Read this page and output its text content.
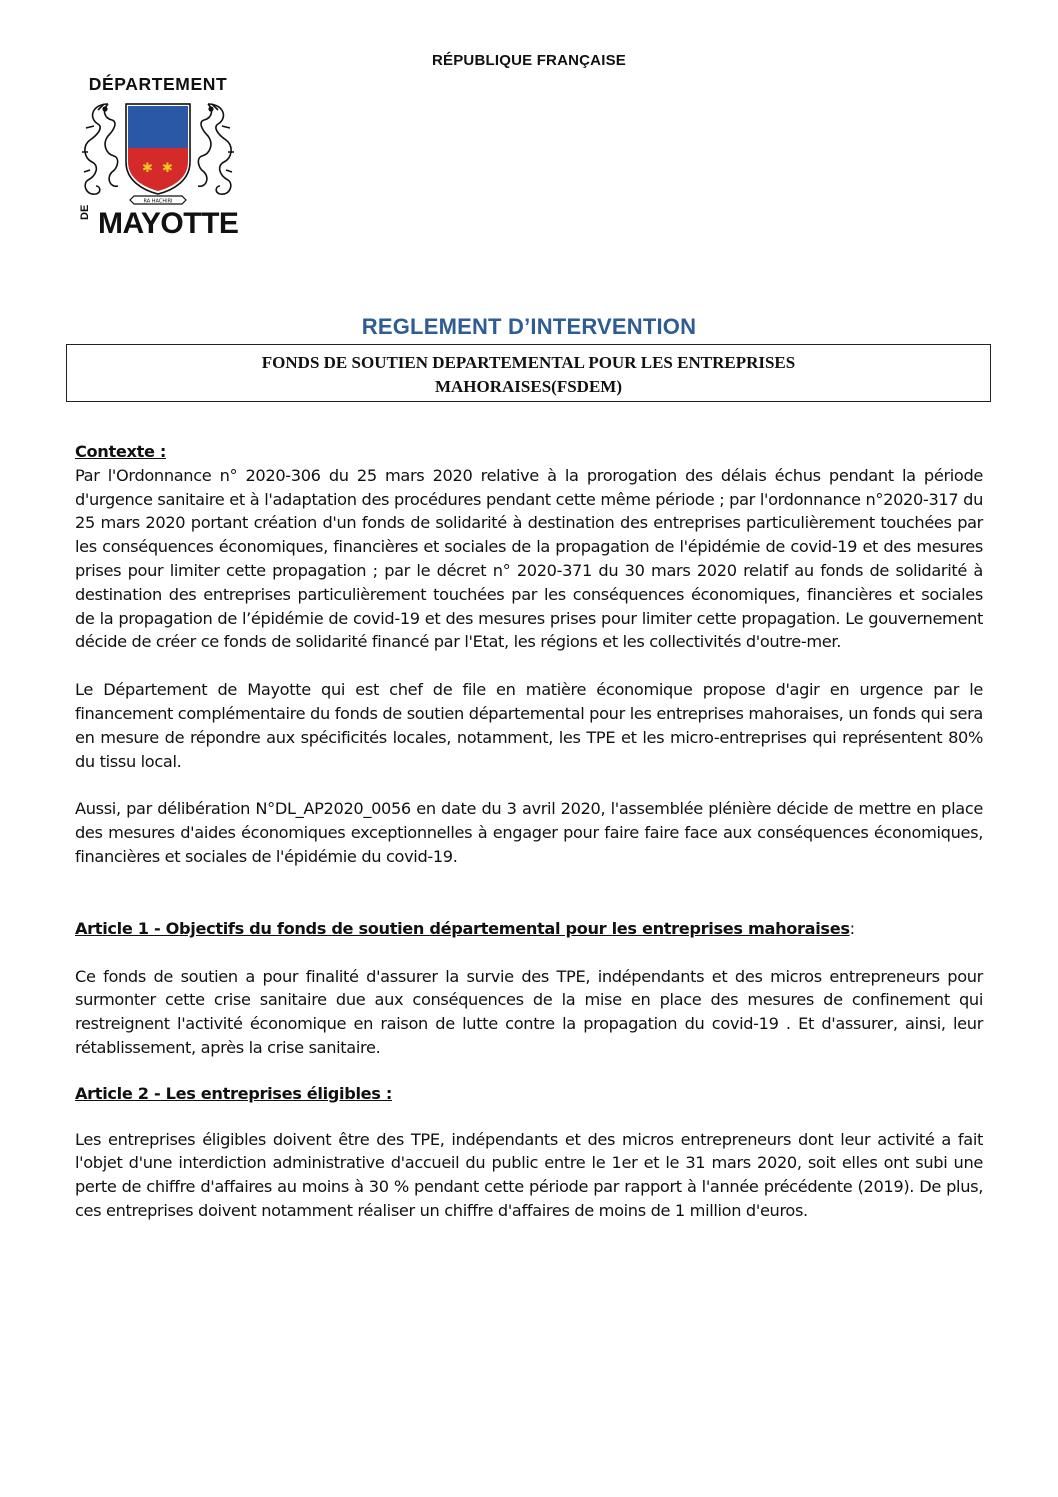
RÉPUBLIQUE FRANÇAISE
DÉPARTEMENT
✱ ✱
RA HACHIRI
DE MAYOTTE
REGLEMENT D’INTERVENTION
FONDS DE SOUTIEN DEPARTEMENTAL POUR LES ENTREPRISES
MAHORAISES(FSDEM)

Contexte :

Par l'Ordonnance n° 2020-306 du 25 mars 2020 relative à la prorogation des délais échus pendant la période d'urgence sanitaire et à l'adaptation des procédures pendant cette même période ; par l'ordonnance n°2020-317 du 25 mars 2020 portant création d'un fonds de solidarité à destination des entreprises particulièrement touchées par les conséquences économiques, financières et sociales de la propagation de l'épidémie de covid-19 et des mesures prises pour limiter cette propagation ; par le décret n° 2020-371 du 30 mars 2020 relatif au fonds de solidarité à destination des entreprises particulièrement touchées par les conséquences économiques, financières et sociales de la propagation de l’épidémie de covid-19 et des mesures prises pour limiter cette propagation. Le gouvernement décide de créer ce fonds de solidarité financé par l'Etat, les régions et les collectivités d'outre-mer.

Le Département de Mayotte qui est chef de file en matière économique propose d'agir en urgence par le financement complémentaire du fonds de soutien départemental pour les entreprises mahoraises, un fonds qui sera en mesure de répondre aux spécificités locales, notamment, les TPE et les micro-entreprises qui représentent 80% du tissu local.

Aussi, par délibération N°DL_AP2020_0056 en date du 3 avril 2020, l'assemblée plénière décide de mettre en place des mesures d'aides économiques exceptionnelles à engager pour faire faire face aux conséquences économiques, financières et sociales de l'épidémie du covid-19.

Article 1 - Objectifs du fonds de soutien départemental pour les entreprises mahoraises:

Ce fonds de soutien a pour finalité d'assurer la survie des TPE, indépendants et des micros entrepreneurs pour surmonter cette crise sanitaire due aux conséquences de la mise en place des mesures de confinement qui restreignent l'activité économique en raison de lutte contre la propagation du covid-19 . Et d'assurer, ainsi, leur rétablissement, après la crise sanitaire.

Article 2 - Les entreprises éligibles :

Les entreprises éligibles doivent être des TPE, indépendants et des micros entrepreneurs dont leur activité a fait l'objet d'une interdiction administrative d'accueil du public entre le 1er et le 31 mars 2020, soit elles ont subi une perte de chiffre d'affaires au moins à 30 % pendant cette période par rapport à l'année précédente (2019). De plus, ces entreprises doivent notamment réaliser un chiffre d'affaires de moins de 1 million d'euros.
